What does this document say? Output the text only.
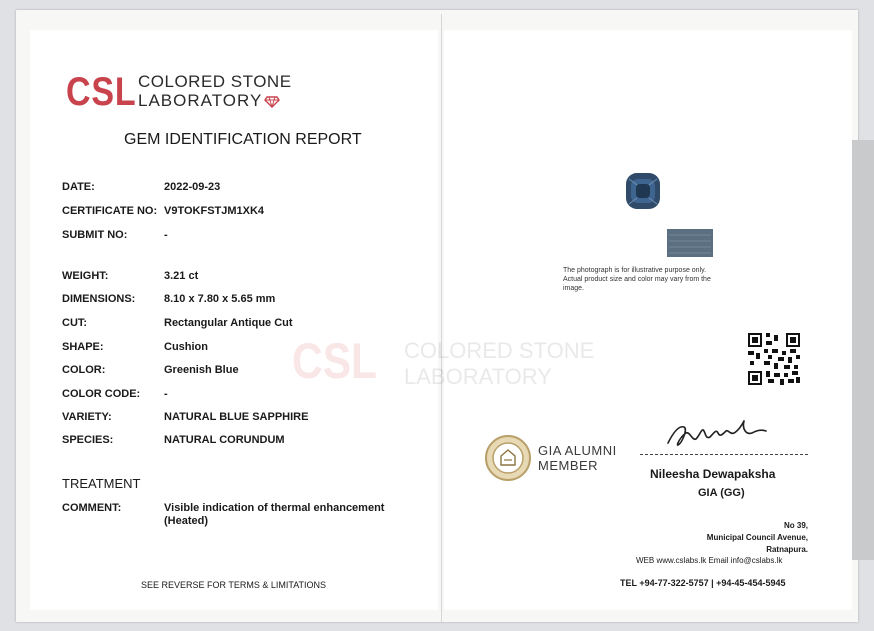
CSL COLORED STONE
LABORATORY
CSL COLORED STONE
LABORATORY
GEM IDENTIFICATION REPORT
DATE:	2022-09-23
CERTIFICATE NO: V9TOKFSTJM1XK4
SUBMIT NO:	-
WEIGHT:	3.21 ct
DIMENSIONS:	8.10 x 7.80 x 5.65 mm
CUT:	Rectangular Antique Cut
SHAPE:	Cushion
COLOR:	Greenish Blue
COLOR CODE: -
VARIETY:	NATURAL BLUE SAPPHIRE
SPECIES:	NATURAL CORUNDUM
TREATMENT
COMMENT:	Visible indication of thermal enhancement
(Heated)
SEE REVERSE FOR TERMS & LIMITATIONS
The photograph is for illustrative purpose only. Actual product size and color may vary from the image.
GIA ALUMNI
MEMBER
Nileesha Dewapaksha
GIA (GG)
No 39,
Municipal Council Avenue,
Ratnapura.
WEB www.cslabs.lk Email info@cslabs.lk
TEL +94-77-322-5757 | +94-45-454-5945
